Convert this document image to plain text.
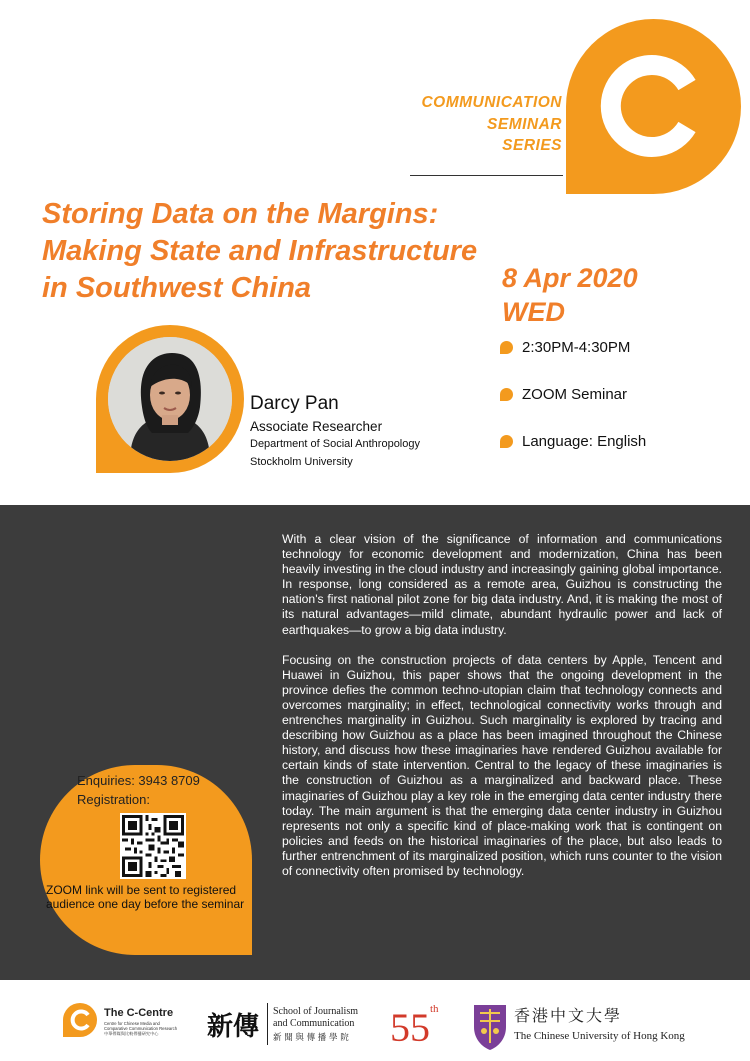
COMMUNICATION
SEMINAR
SERIES
Storing Data on the Margins:
Making State and Infrastructure
in Southwest China	8 Apr 2020
WED
2:30PM-4:30PM
ZOOM Seminar
Language: English
Darcy Pan
Associate Researcher
Department of Social Anthropology
Stockholm University

With a clear vision of the significance of information and communications technology for economic development and modernization, China has been heavily investing in the cloud industry and increasingly gaining global importance. In response, long considered as a remote area, Guizhou is constructing the nation's first national pilot zone for big data industry. And, it is making the most of its natural advantages—mild climate, abundant hydraulic power and lack of earthquakes—to grow a big data industry.

Focusing on the construction projects of data centers by Apple, Tencent and Huawei in Guizhou, this paper shows that the ongoing development in the province defies the common techno-utopian claim that technology connects and overcomes marginality; in effect, technological connectivity works through and entrenches marginality in Guizhou. Such marginality is explored by tracing and describing how Guizhou as a place has been imagined throughout the Chinese history, and discuss how these imaginaries have rendered Guizhou available for certain kinds of state intervention. Central to the legacy of these imaginaries is the construction of Guizhou as a marginalized and backward place. These imaginaries of Guizhou play a key role in the emerging data center industry there today. The main argument is that the emerging data center industry in Guizhou represents not only a specific kind of place-making work that is contingent on policies and feeds on the historical imaginaries of the place, but also leads to further entrenchment of its marginalized position, which runs counter to the vision of connectivity often promised by technology.

Enquiries: 3943 8709
Registration:
ZOOM link will be sent to registered audience one day before the seminar
The C-Centre
Centre for Chinese Media and
Comparative Communication Research
中華傳媒與比較傳播研究中心 新傳
School of Journalism
and Communication
新 聞 與 傳 播 學 院 55 th	香港中文大學
The Chinese University of Hong Kong
